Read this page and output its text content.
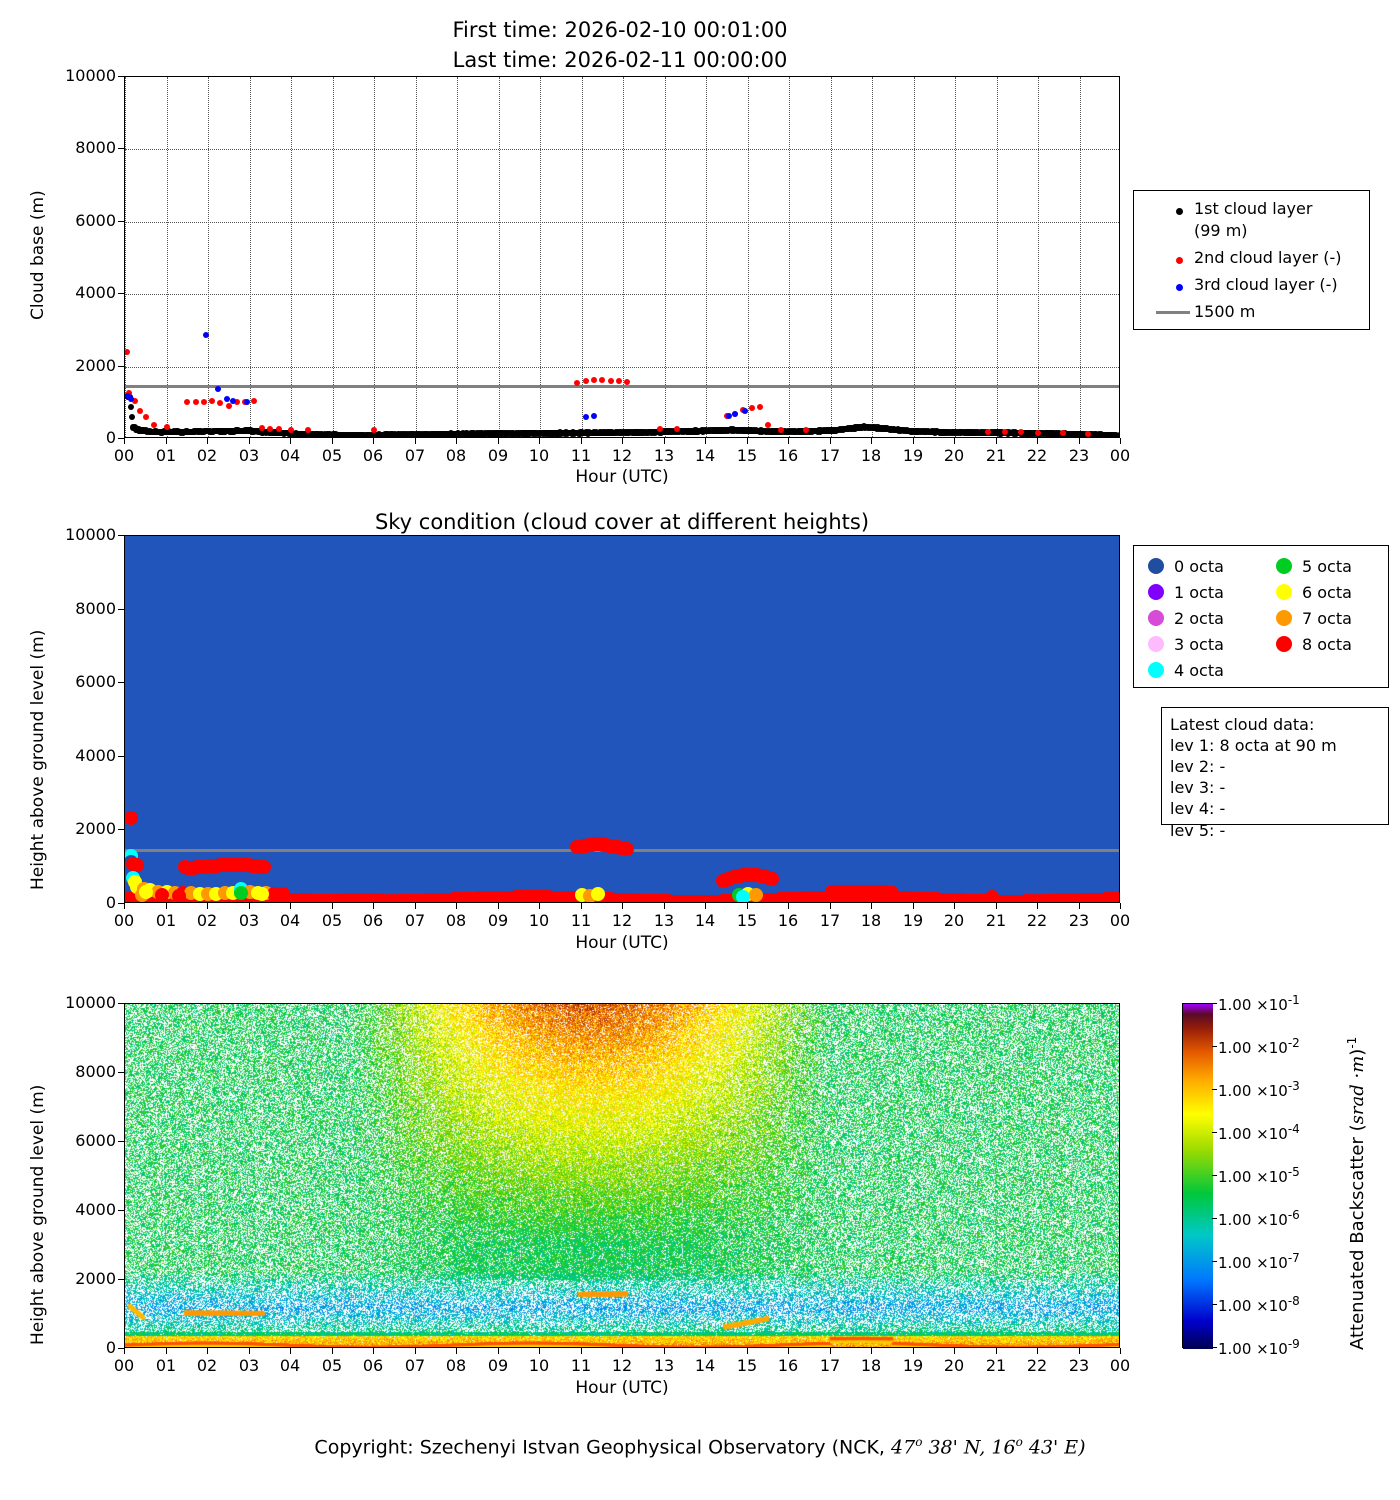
First time: 2026-02-10 00:01:00
Last time: 2026-02-11 00:00:00
Cloud base (m)
Hour (UTC)
1st cloud layer
(99 m)
2nd cloud layer (-)
3rd cloud layer (-)
1500 m
00	01	02	03	04	05	06	07	08	09	10	11	12	13	14	15	16	17	18	19	20	21	22	23	00
0
2000
4000
6000
8000
10000
Sky condition (cloud cover at different heights)
Height above ground level (m)
Hour (UTC)
0 octa
1 octa
2 octa
3 octa
4 octa
5 octa
6 octa
7 octa
8 octa
Latest cloud data:
lev 1: 8 octa at 90 m
lev 2: -
lev 3: -
lev 4: -
lev 5: -
00	01	02	03	04	05	06	07	08	09	10	11	12	13	14	15	16	17	18	19	20	21	22	23	00
0
2000
4000
6000
8000
10000
Height above ground level (m)
Hour (UTC)
Attenuated Backscatter (srad ·m)$^{-1}$
00	01	02	03	04	05	06	07	08	09	10	11	12	13	14	15	16	17	18	19	20	21	22	23	00
0
2000
4000
6000
8000
10000	$1.00 \times 10^{-1}$
$1.00 \times 10^{-2}$
$1.00 \times 10^{-3}$
$1.00 \times 10^{-4}$
$1.00 \times 10^{-5}$
$1.00 \times 10^{-6}$
$1.00 \times 10^{-7}$
$1.00 \times 10^{-8}$
$1.00 \times 10^{-9}$
Copyright: Szechenyi Istvan Geophysical Observatory (NCK, 47$^o$ 38' N, 16$^o$ 43' E)
